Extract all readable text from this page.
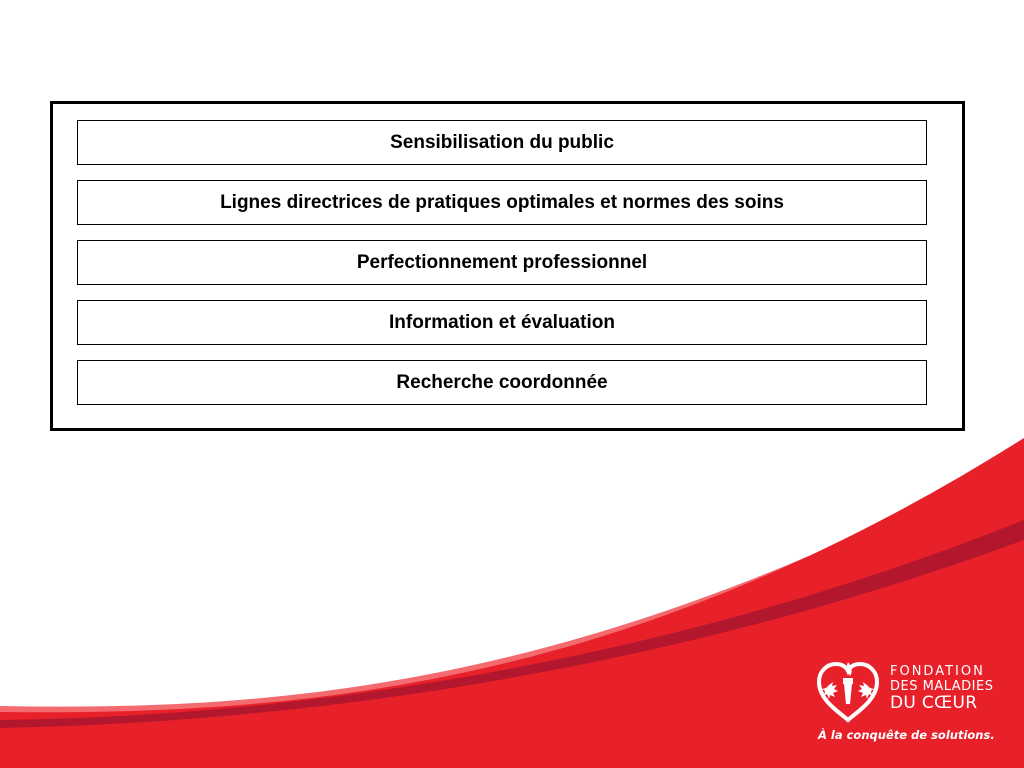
Sensibilisation du public
Lignes directrices de pratiques optimales et normes des soins
Perfectionnement professionnel
Information et évaluation
Recherche coordonnée
FONDATION
DES MALADIES
DU CŒUR
À la conquête de solutions.
